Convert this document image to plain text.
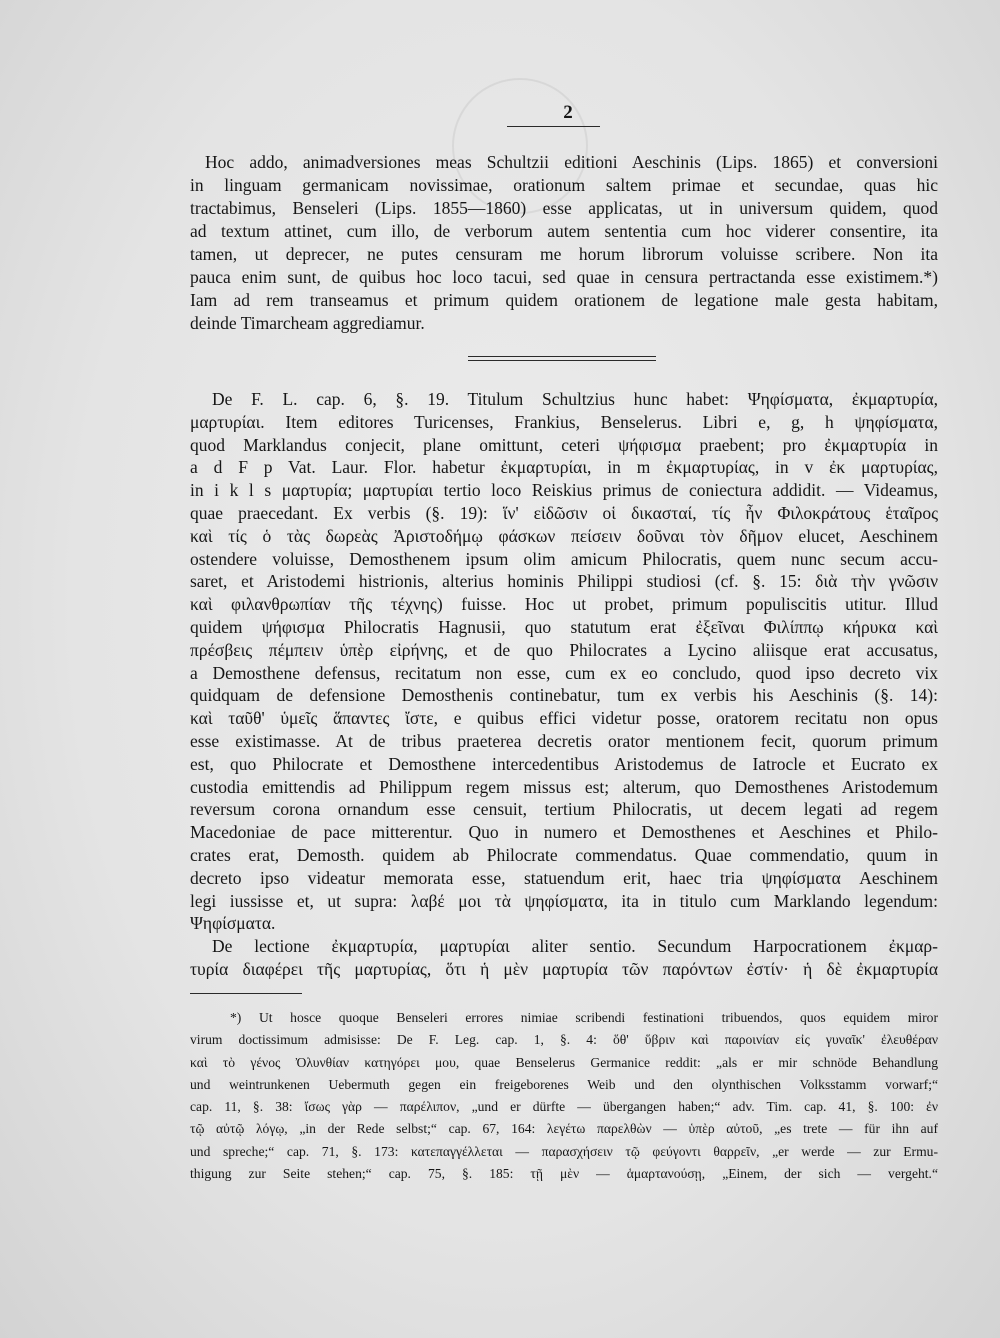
2
Hoc addo, animadversiones meas Schultzii editioni Aeschinis (Lips. 1865) et conversioni
in linguam germanicam novissimae, orationum saltem primae et secundae, quas hic
tractabimus, Benseleri (Lips. 1855—1860) esse applicatas, ut in universum quidem, quod
ad textum attinet, cum illo, de verborum autem sententia cum hoc viderer consentire, ita
tamen, ut deprecer, ne putes censuram me horum librorum voluisse scribere. Non ita
pauca enim sunt, de quibus hoc loco tacui, sed quae in censura pertractanda esse existimem.*)
Iam ad rem transeamus et primum quidem orationem de legatione male gesta habitam,
deinde Timarcheam aggrediamur.
De F. L. cap. 6, §. 19. Titulum Schultzius hunc habet: Ψηφίσματα, ἐκμαρτυρία,
μαρτυρίαι. Item editores Turicenses, Frankius, Benselerus. Libri e, g, h ψηφίσματα,
quod Marklandus conjecit, plane omittunt, ceteri ψήφισμα praebent; pro ἐκμαρτυρία in
a d F p Vat. Laur. Flor. habetur ἐκμαρτυρίαι, in m ἐκμαρτυρίας, in v ἐκ μαρτυρίας,
in i k l s μαρτυρία; μαρτυρίαι tertio loco Reiskius primus de coniectura addidit. — Videamus,
quae praecedant. Ex verbis (§. 19): ἵν' εἰδῶσιν οἱ δικασταί, τίς ἦν Φιλοκράτους ἑταῖρος
καὶ τίς ὁ τὰς δωρεὰς Ἀριστοδήμῳ φάσκων πείσειν δοῦναι τὸν δῆμον elucet, Aeschinem
ostendere voluisse, Demosthenem ipsum olim amicum Philocratis, quem nunc secum accu-
saret, et Aristodemi histrionis, alterius hominis Philippi studiosi (cf. §. 15: διὰ τὴν γνῶσιν
καὶ φιλανθρωπίαν τῆς τέχνης) fuisse. Hoc ut probet, primum populiscitis utitur. Illud
quidem ψήφισμα Philocratis Hagnusii, quo statutum erat ἐξεῖναι Φιλίππῳ κήρυκα καὶ
πρέσβεις πέμπειν ὑπὲρ εἰρήνης, et de quo Philocrates a Lycino aliisque erat accusatus,
a Demosthene defensus, recitatum non esse, cum ex eo concludo, quod ipso decreto vix
quidquam de defensione Demosthenis continebatur, tum ex verbis his Aeschinis (§. 14):
καὶ ταῦθ' ὑμεῖς ἅπαντες ἴστε, e quibus effici videtur posse, oratorem recitatu non opus
esse existimasse. At de tribus praeterea decretis orator mentionem fecit, quorum primum
est, quo Philocrate et Demosthene intercedentibus Aristodemus de Iatrocle et Eucrato ex
custodia emittendis ad Philippum regem missus est; alterum, quo Demosthenes Aristodemum
reversum corona ornandum esse censuit, tertium Philocratis, ut decem legati ad regem
Macedoniae de pace mitterentur. Quo in numero et Demosthenes et Aeschines et Philo-
crates erat, Demosth. quidem ab Philocrate commendatus. Quae commendatio, quum in
decreto ipso videatur memorata esse, statuendum erit, haec tria ψηφίσματα Aeschinem
legi iussisse et, ut supra: λαβέ μοι τὰ ψηφίσματα, ita in titulo cum Marklando legendum:
Ψηφίσματα.
De lectione ἐκμαρτυρία, μαρτυρίαι aliter sentio. Secundum Harpocrationem ἐκμαρ-
τυρία διαφέρει τῆς μαρτυρίας, ὅτι ἡ μὲν μαρτυρία τῶν παρόντων ἐστίν· ἡ δὲ ἐκμαρτυρία
*) Ut hosce quoque Benseleri errores nimiae scribendi festinationi tribuendos, quos equidem miror
virum doctissimum admisisse: De F. Leg. cap. 1, §. 4: ὅθ' ὕβριν καὶ παροινίαν εἰς γυναῖκ' ἐλευθέραν
καὶ τὸ γένος Ὀλυνθίαν κατηγόρει μου, quae Benselerus Germanice reddit: „als er mir schnöde Behandlung
und weintrunkenen Uebermuth gegen ein freigeborenes Weib und den olynthischen Volksstamm vorwarf;“
cap. 11, §. 38: ἴσως γὰρ — παρέλιπον, „und er dürfte — übergangen haben;“ adv. Tim. cap. 41, §. 100: ἐν
τῷ αὐτῷ λόγῳ, „in der Rede selbst;“ cap. 67, 164: λεγέτω παρελθὼν — ὑπὲρ αὐτοῦ, „es trete — für ihn auf
und spreche;“ cap. 71, §. 173: κατεπαγγέλλεται — παρασχήσειν τῷ φεύγοντι θαρρεῖν, „er werde — zur Ermu-
thigung zur Seite stehen;“ cap. 75, §. 185: τῇ μὲν — ἁμαρτανούσῃ, „Einem, der sich — vergeht.“
